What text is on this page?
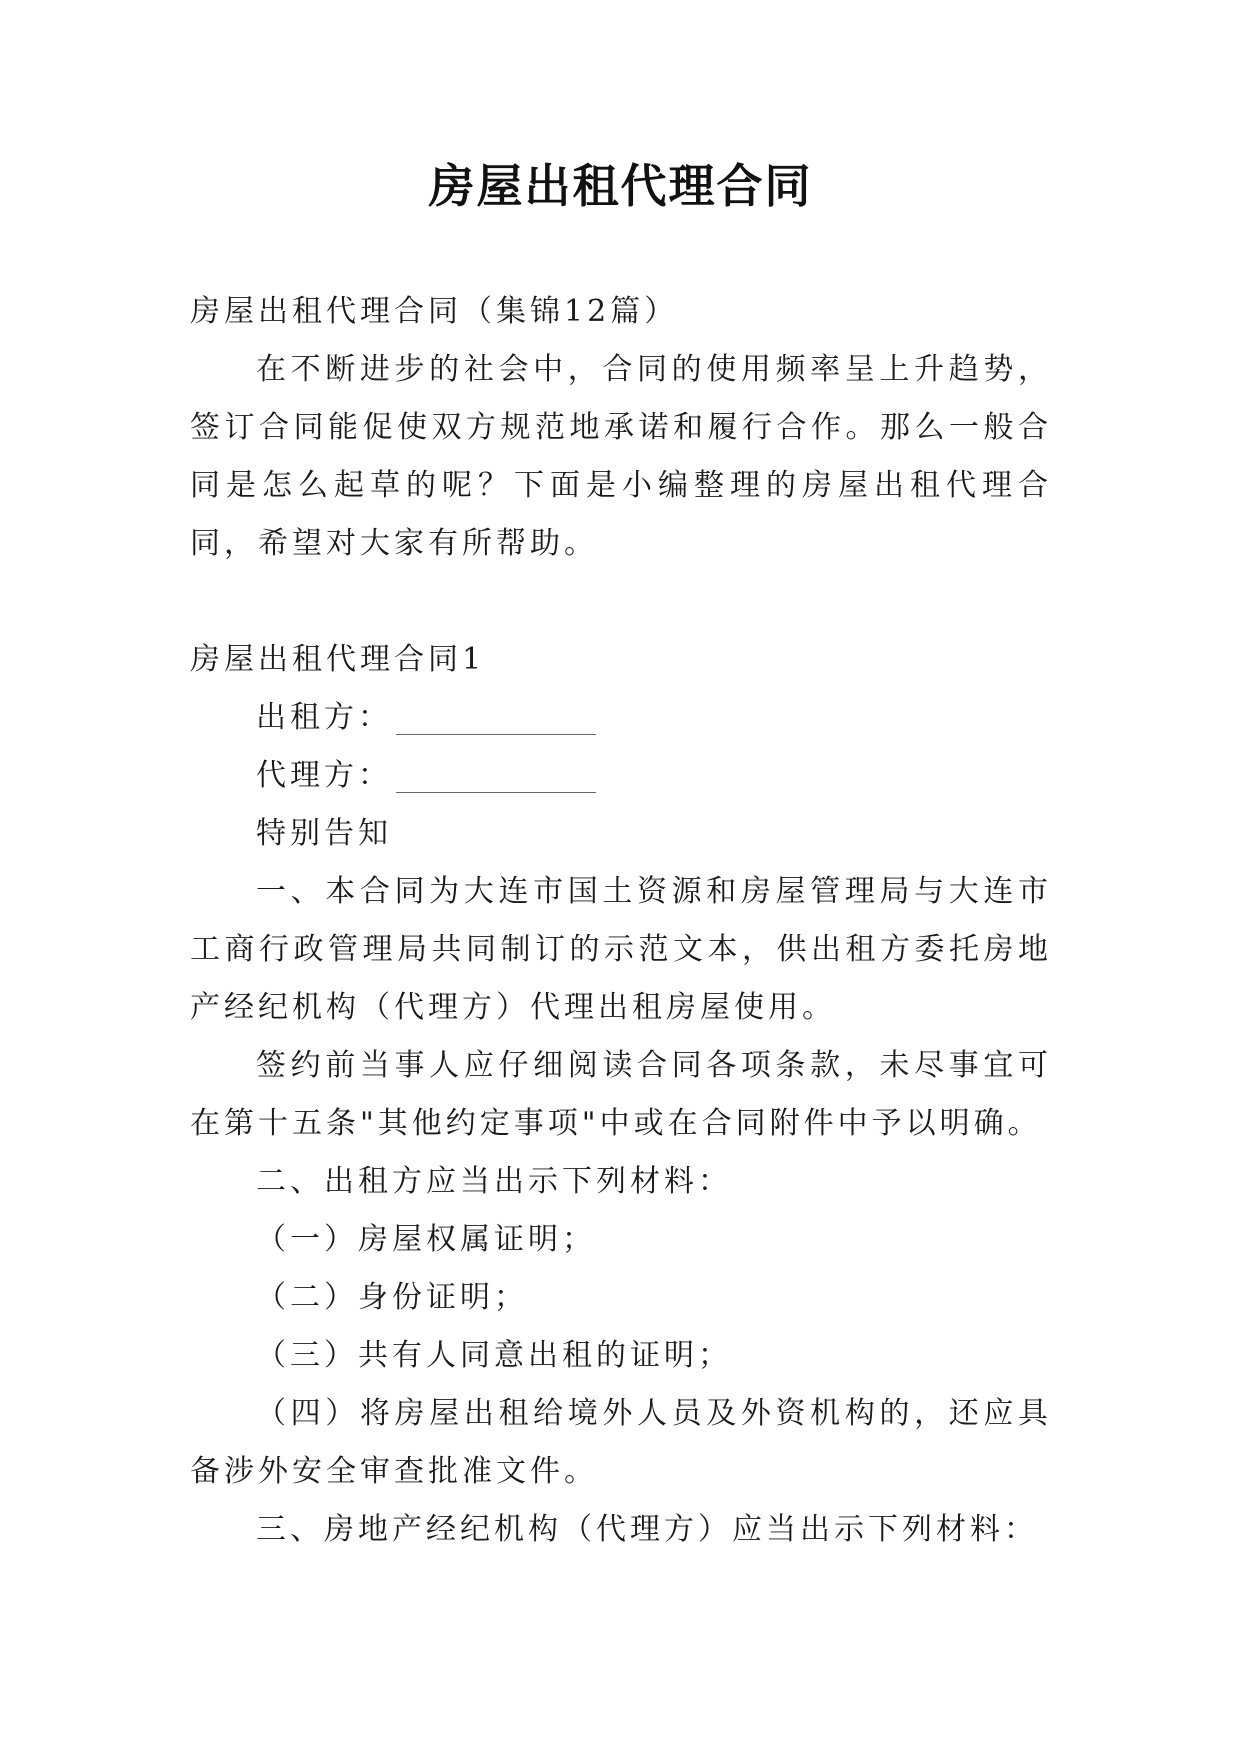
房屋出租代理合同

房屋出租代理合同（集锦12篇）

在不断进步的社会中，合同的使用频率呈上升趋势，签订合同能促使双方规范地承诺和履行合作。那么一般合同是怎么起草的呢？下面是小编整理的房屋出租代理合同，希望对大家有所帮助。

房屋出租代理合同1

出租方：

代理方：

特别告知

一、本合同为大连市国土资源和房屋管理局与大连市工商行政管理局共同制订的示范文本，供出租方委托房地产经纪机构（代理方）代理出租房屋使用。

签约前当事人应仔细阅读合同各项条款，未尽事宜可在第十五条"其他约定事项"中或在合同附件中予以明确。

二、出租方应当出示下列材料：

（一）房屋权属证明；

（二）身份证明；

（三）共有人同意出租的证明；

（四）将房屋出租给境外人员及外资机构的，还应具备涉外安全审查批准文件。

三、房地产经纪机构（代理方）应当出示下列材料：
